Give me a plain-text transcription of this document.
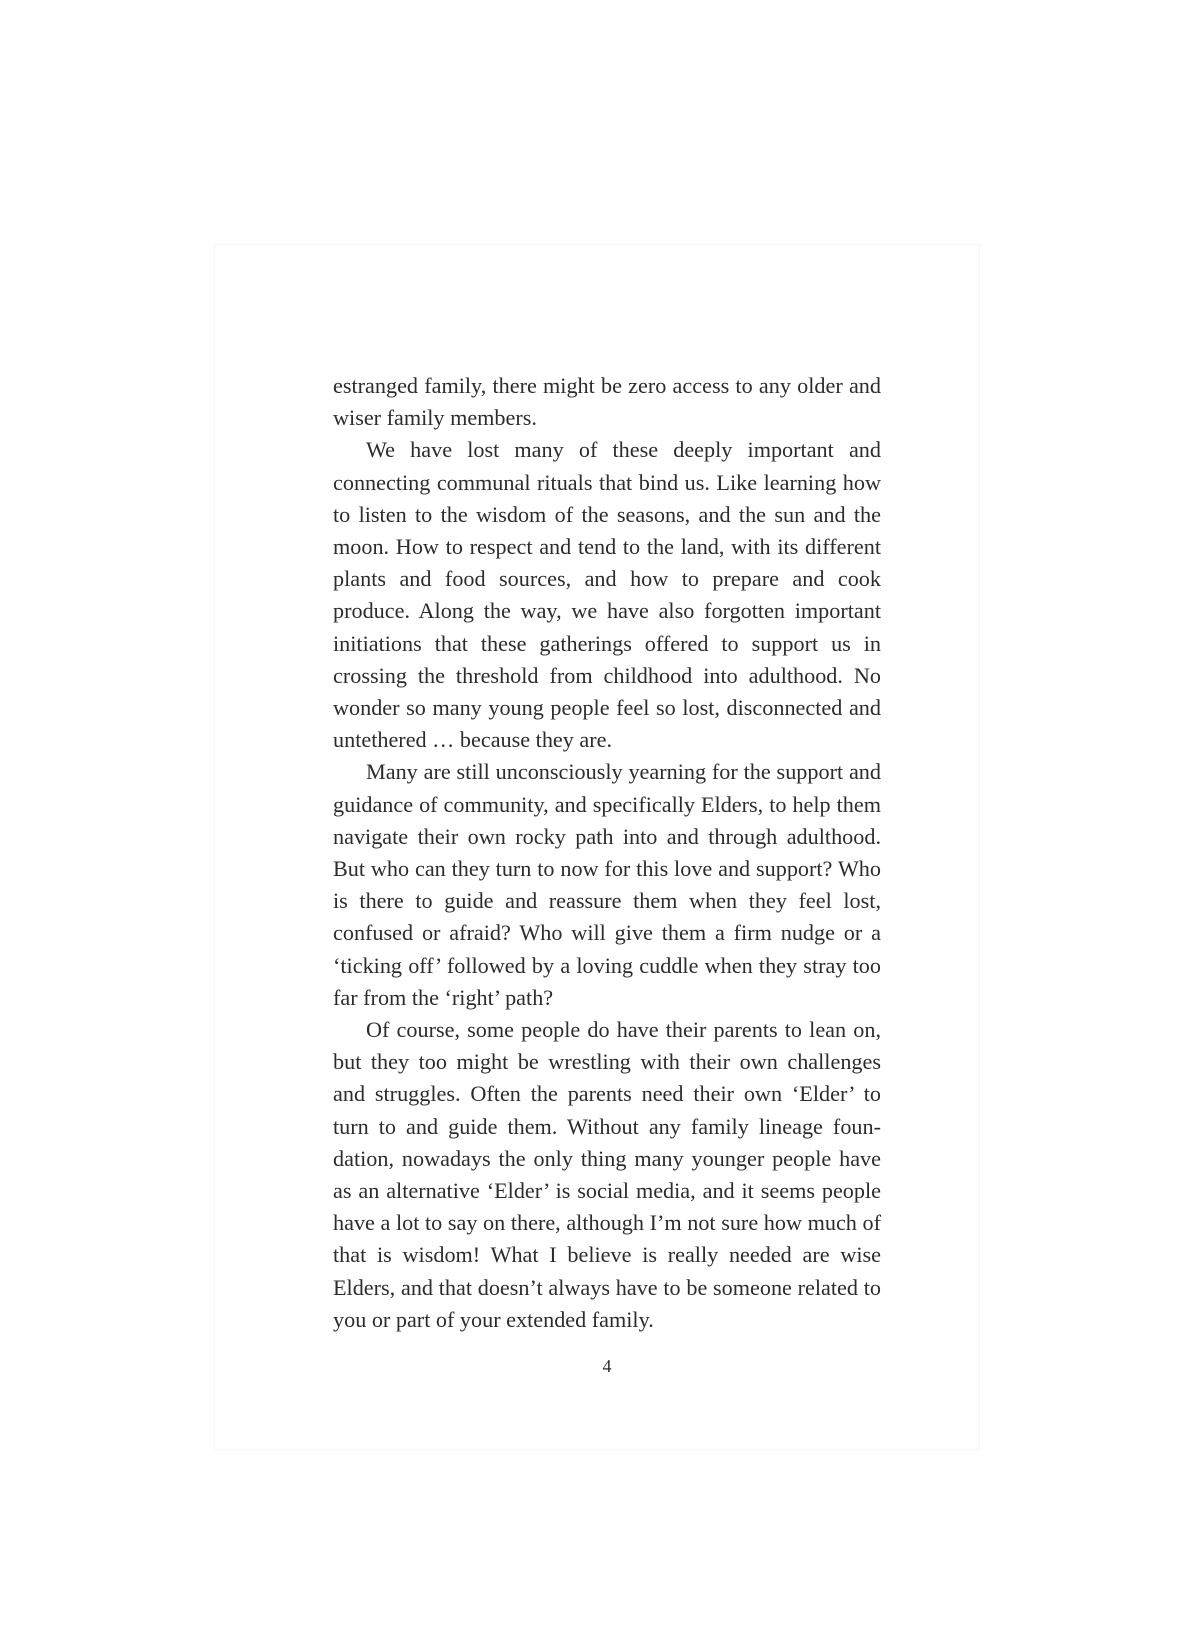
estranged family, there might be zero access to any older and wiser family members.

We have lost many of these deeply important and connecting communal rituals that bind us. Like learning how to listen to the wisdom of the seasons, and the sun and the moon. How to respect and tend to the land, with its different plants and food sources, and how to prepare and cook produce. Along the way, we have also forgotten important initiations that these gatherings offered to support us in crossing the threshold from childhood into adulthood. No wonder so many young people feel so lost, disconnected and untethered … because they are.

Many are still unconsciously yearning for the support and guidance of community, and specifically Elders, to help them navigate their own rocky path into and through adulthood. But who can they turn to now for this love and support? Who is there to guide and reassure them when they feel lost, confused or afraid? Who will give them a firm nudge or a ‘ticking off’ followed by a loving cuddle when they stray too far from the ‘right’ path?

Of course, some people do have their parents to lean on, but they too might be wrestling with their own challenges and struggles. Often the parents need their own ‘Elder’ to turn to and guide them. Without any family lineage foundation, nowadays the only thing many younger people have as an alternative ‘Elder’ is social media, and it seems people have a lot to say on there, although I’m not sure how much of that is wisdom! What I believe is really needed are wise Elders, and that doesn’t always have to be someone related to you or part of your extended family.

4
